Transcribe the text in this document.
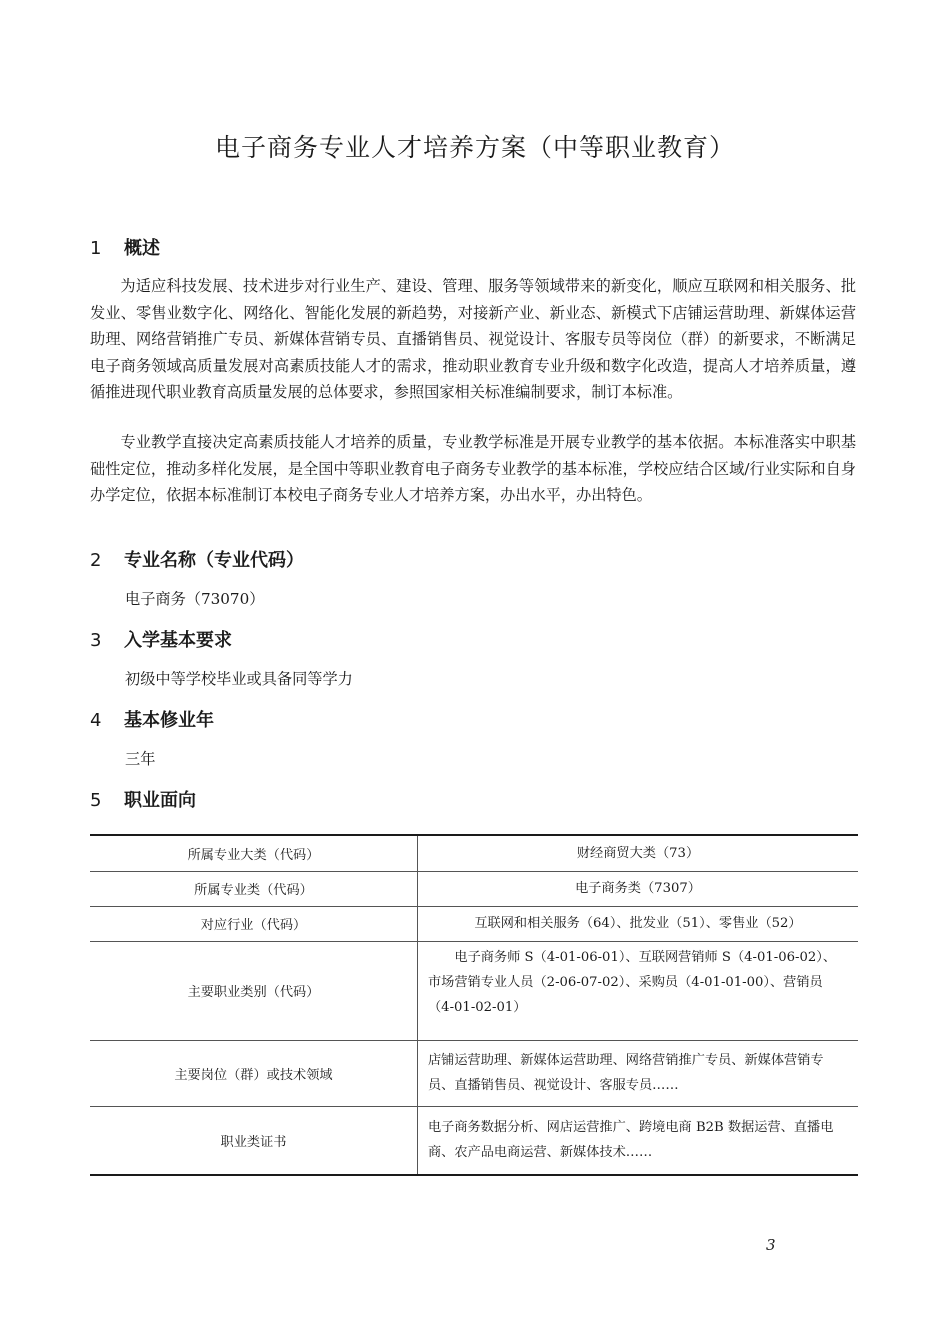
电子商务专业人才培养方案（中等职业教育）
1 概述

为适应科技发展、技术进步对行业生产、建设、管理、服务等领域带来的新变化，顺应互联网和相关服务、批发业、零售业数字化、网络化、智能化发展的新趋势，对接新产业、新业态、新模式下店铺运营助理、新媒体运营助理、网络营销推广专员、新媒体营销专员、直播销售员、视觉设计、客服专员等岗位（群）的新要求，不断满足电子商务领域高质量发展对高素质技能人才的需求，推动职业教育专业升级和数字化改造，提高人才培养质量，遵循推进现代职业教育高质量发展的总体要求，参照国家相关标准编制要求，制订本标准。

专业教学直接决定高素质技能人才培养的质量，专业教学标准是开展专业教学的基本依据。本标准落实中职基础性定位，推动多样化发展，是全国中等职业教育电子商务专业教学的基本标准，学校应结合区域/行业实际和自身办学定位，依据本标准制订本校电子商务专业人才培养方案，办出水平，办出特色。

2 专业名称（专业代码）
电子商务（73070）
3 入学基本要求
初级中等学校毕业或具备同等学力
4 基本修业年
三年
5 职业面向
所属专业大类（代码）	财经商贸大类（73）
所属专业类（代码）	电子商务类（7307）
对应行业（代码）	互联网和相关服务（64）、批发业（51）、零售业（52）
主要职业类别（代码）	电子商务师 S（4-01-06-01）、互联网营销师 S（4-01-06-02）、市场营销专业人员（2-06-07-02）、采购员（4-01-01-00）、营销员（4-01-02-01）
主要岗位（群）或技术领域	店铺运营助理、新媒体运营助理、网络营销推广专员、新媒体营销专员、直播销售员、视觉设计、客服专员……
职业类证书	电子商务数据分析、网店运营推广、跨境电商 B2B 数据运营、直播电商、农产品电商运营、新媒体技术……
3
